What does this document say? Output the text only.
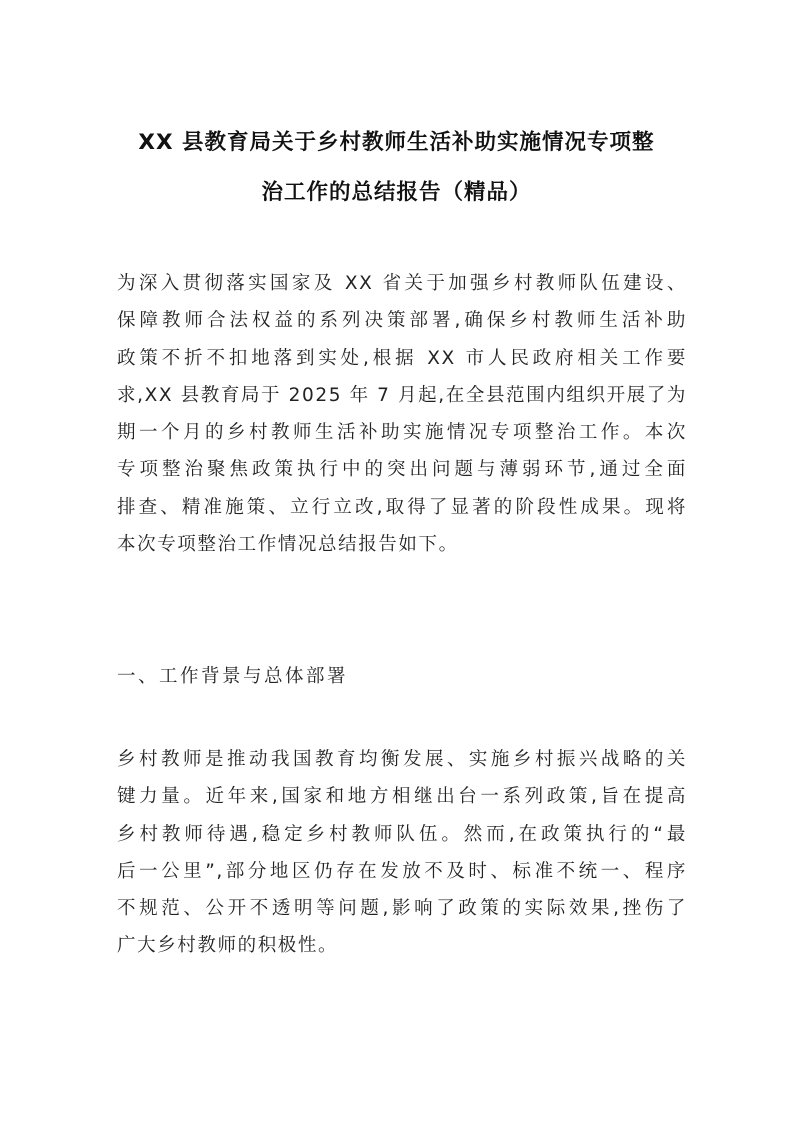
XX 县教育局关于乡村教师生活补助实施情况专项整
治工作的总结报告（精品）
为深入贯彻落实国家及 XX 省关于加强乡村教师队伍建设、
保障教师合法权益的系列决策部署,确保乡村教师生活补助
政策不折不扣地落到实处,根据 XX 市人民政府相关工作要
求,XX 县教育局于 2025 年 7 月起,在全县范围内组织开展了为
期一个月的乡村教师生活补助实施情况专项整治工作。本次
专项整治聚焦政策执行中的突出问题与薄弱环节,通过全面
排查、精准施策、立行立改,取得了显著的阶段性成果。现将
本次专项整治工作情况总结报告如下。
一、工作背景与总体部署
乡村教师是推动我国教育均衡发展、实施乡村振兴战略的关
键力量。近年来,国家和地方相继出台一系列政策,旨在提高
乡村教师待遇,稳定乡村教师队伍。然而,在政策执行的“最
后一公里”,部分地区仍存在发放不及时、标准不统一、程序
不规范、公开不透明等问题,影响了政策的实际效果,挫伤了
广大乡村教师的积极性。
